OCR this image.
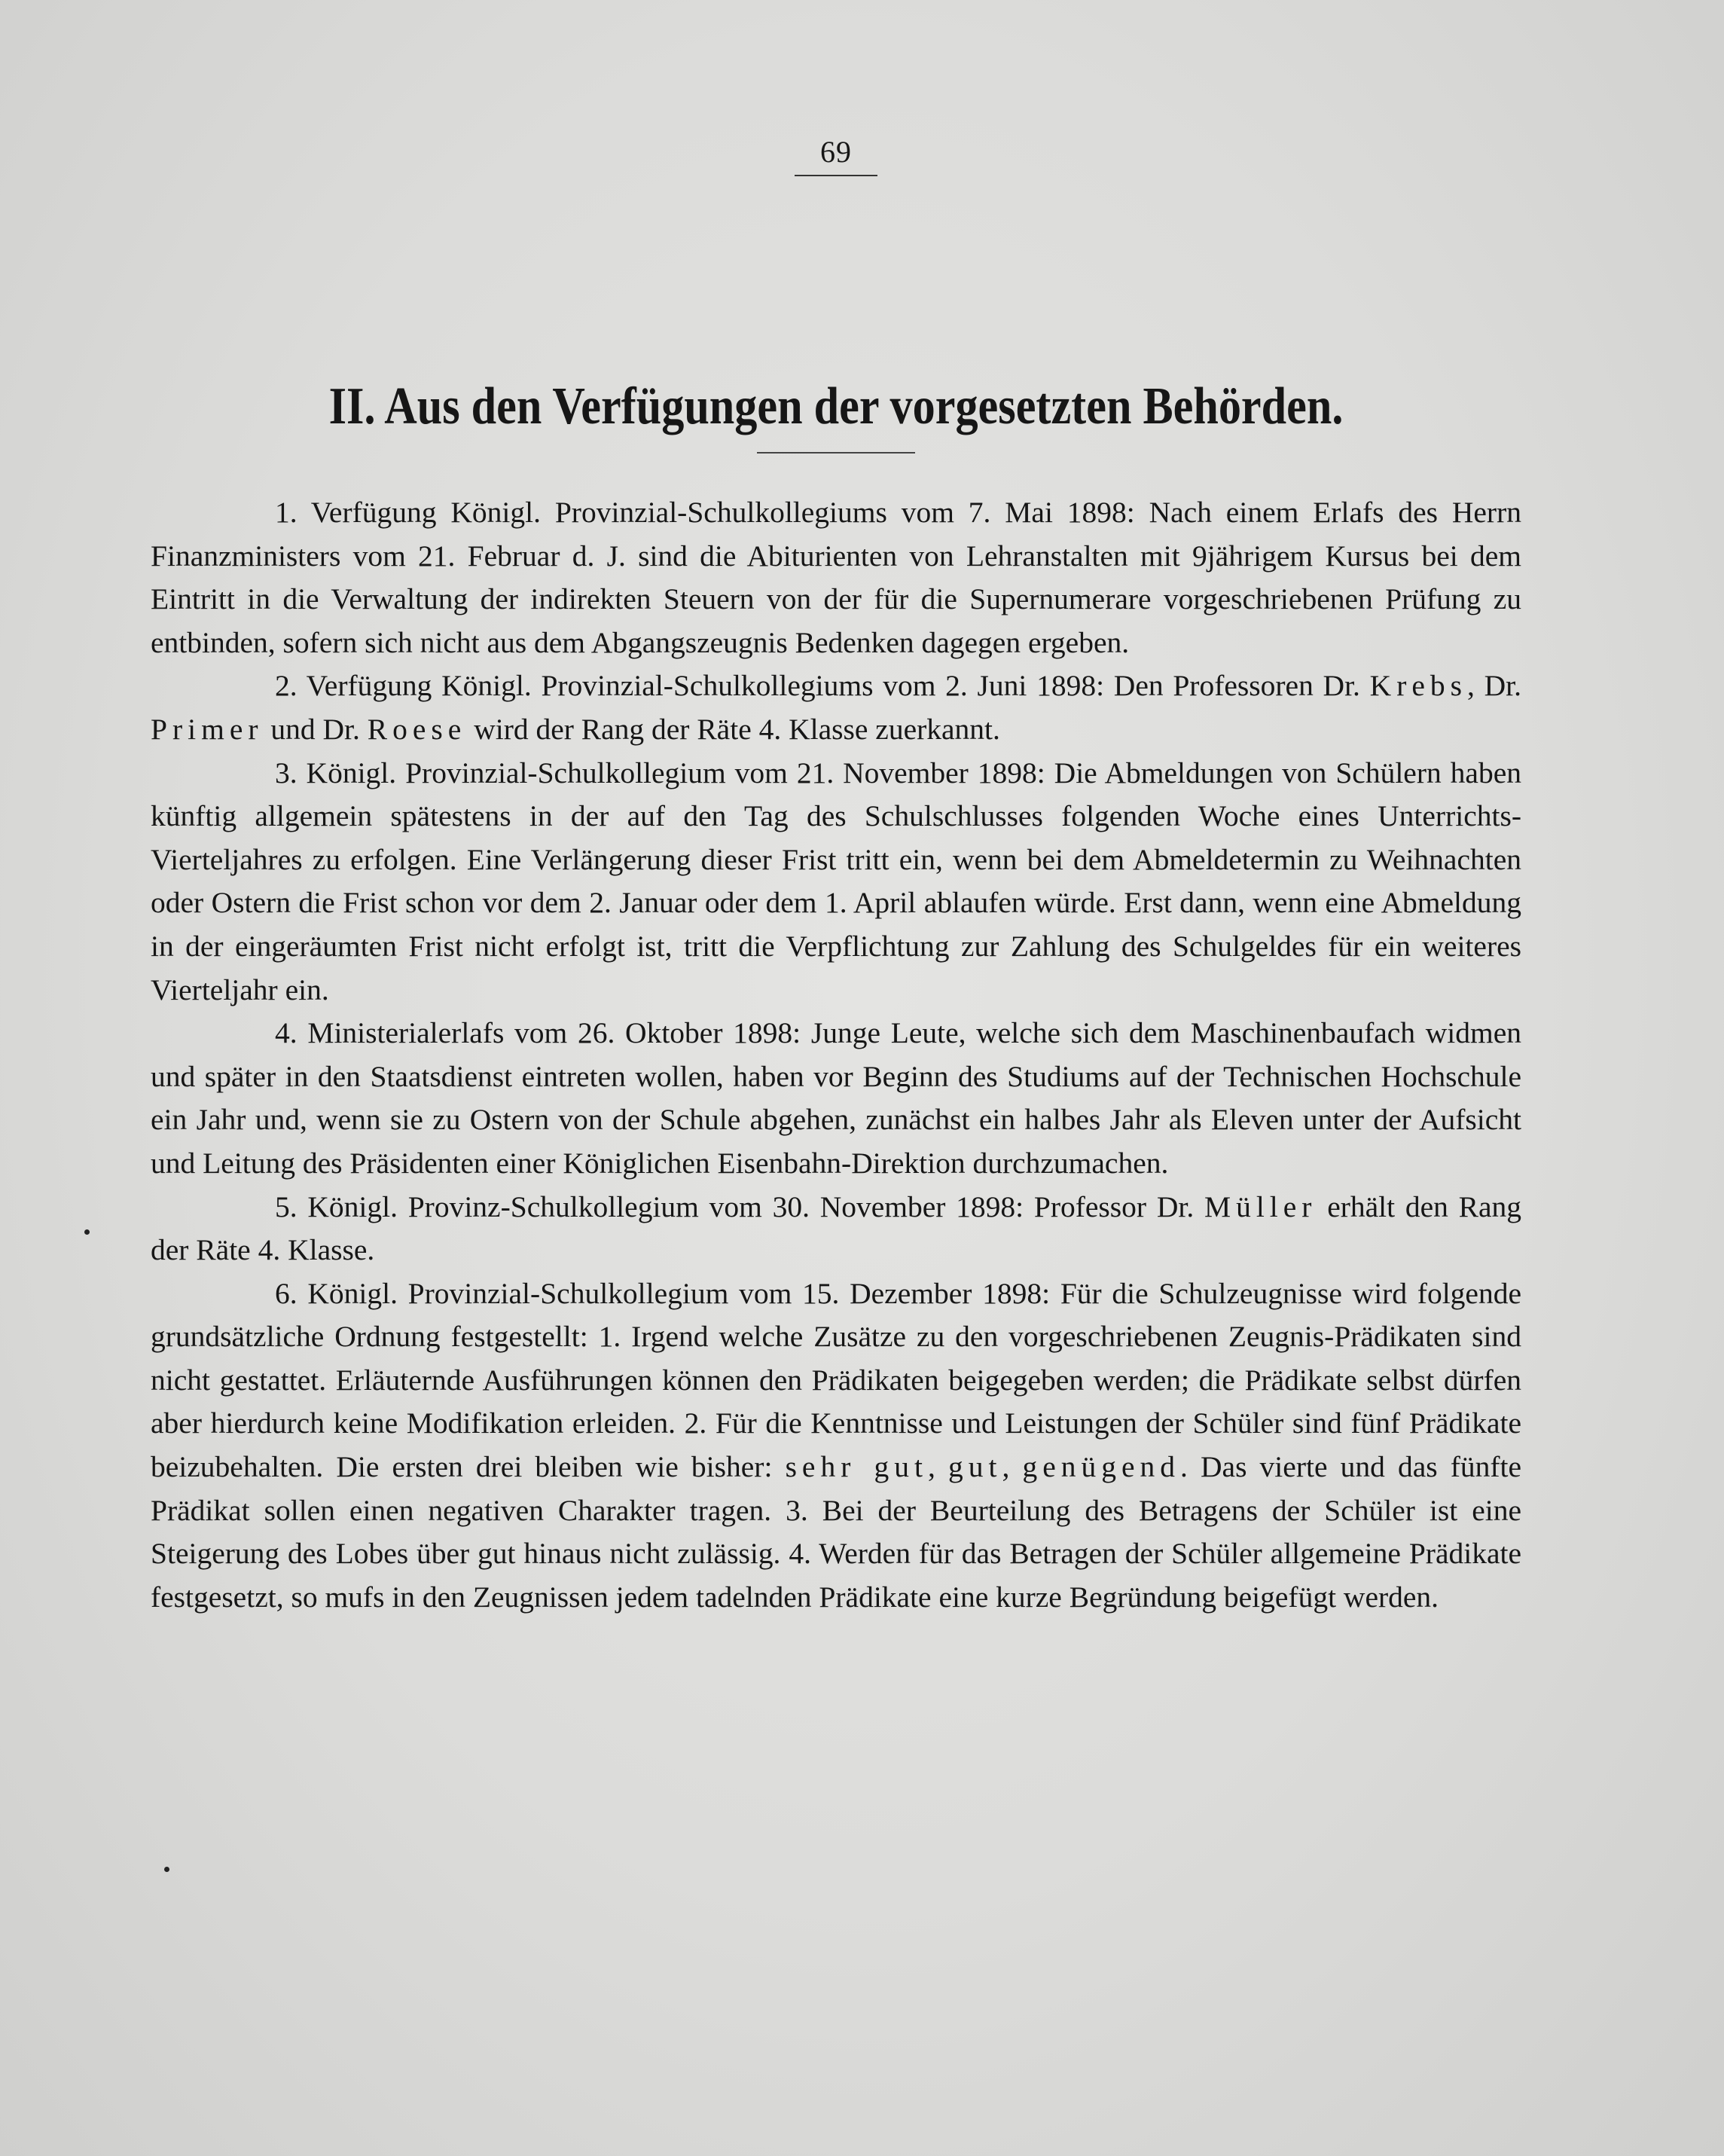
69
II. Aus den Verfügungen der vorgesetzten Behörden.

1. Verfügung Königl. Provinzial-Schulkollegiums vom 7. Mai 1898: Nach einem Erlafs des Herrn Finanzministers vom 21. Februar d. J. sind die Abiturienten von Lehranstalten mit 9jährigem Kursus bei dem Eintritt in die Verwaltung der indirekten Steuern von der für die Supernumerare vorgeschriebenen Prüfung zu entbinden, sofern sich nicht aus dem Abgangszeugnis Bedenken dagegen ergeben.

2. Verfügung Königl. Provinzial-Schulkollegiums vom 2. Juni 1898: Den Professoren Dr. Krebs, Dr. Primer und Dr. Roese wird der Rang der Räte 4. Klasse zuerkannt.

3. Königl. Provinzial-Schulkollegium vom 21. November 1898: Die Abmeldungen von Schülern haben künftig allgemein spätestens in der auf den Tag des Schulschlusses folgenden Woche eines Unterrichts-Vierteljahres zu erfolgen. Eine Verlängerung dieser Frist tritt ein, wenn bei dem Abmeldetermin zu Weihnachten oder Ostern die Frist schon vor dem 2. Januar oder dem 1. April ablaufen würde. Erst dann, wenn eine Abmeldung in der eingeräumten Frist nicht erfolgt ist, tritt die Verpflichtung zur Zahlung des Schulgeldes für ein weiteres Vierteljahr ein.

4. Ministerialerlafs vom 26. Oktober 1898: Junge Leute, welche sich dem Maschinenbaufach widmen und später in den Staatsdienst eintreten wollen, haben vor Beginn des Studiums auf der Technischen Hochschule ein Jahr und, wenn sie zu Ostern von der Schule abgehen, zunächst ein halbes Jahr als Eleven unter der Aufsicht und Leitung des Präsidenten einer Königlichen Eisenbahn-Direktion durchzumachen.

5. Königl. Provinz-Schulkollegium vom 30. November 1898: Professor Dr. Müller erhält den Rang der Räte 4. Klasse.

6. Königl. Provinzial-Schulkollegium vom 15. Dezember 1898: Für die Schulzeugnisse wird folgende grundsätzliche Ordnung festgestellt: 1. Irgend welche Zusätze zu den vorgeschriebenen Zeugnis-Prädikaten sind nicht gestattet. Erläuternde Ausführungen können den Prädikaten beigegeben werden; die Prädikate selbst dürfen aber hierdurch keine Modifikation erleiden. 2. Für die Kenntnisse und Leistungen der Schüler sind fünf Prädikate beizubehalten. Die ersten drei bleiben wie bisher: sehr gut, gut, genügend. Das vierte und das fünfte Prädikat sollen einen negativen Charakter tragen. 3. Bei der Beurteilung des Betragens der Schüler ist eine Steigerung des Lobes über gut hinaus nicht zulässig. 4. Werden für das Betragen der Schüler allgemeine Prädikate festgesetzt, so mufs in den Zeugnissen jedem tadelnden Prädikate eine kurze Begründung beigefügt werden.
